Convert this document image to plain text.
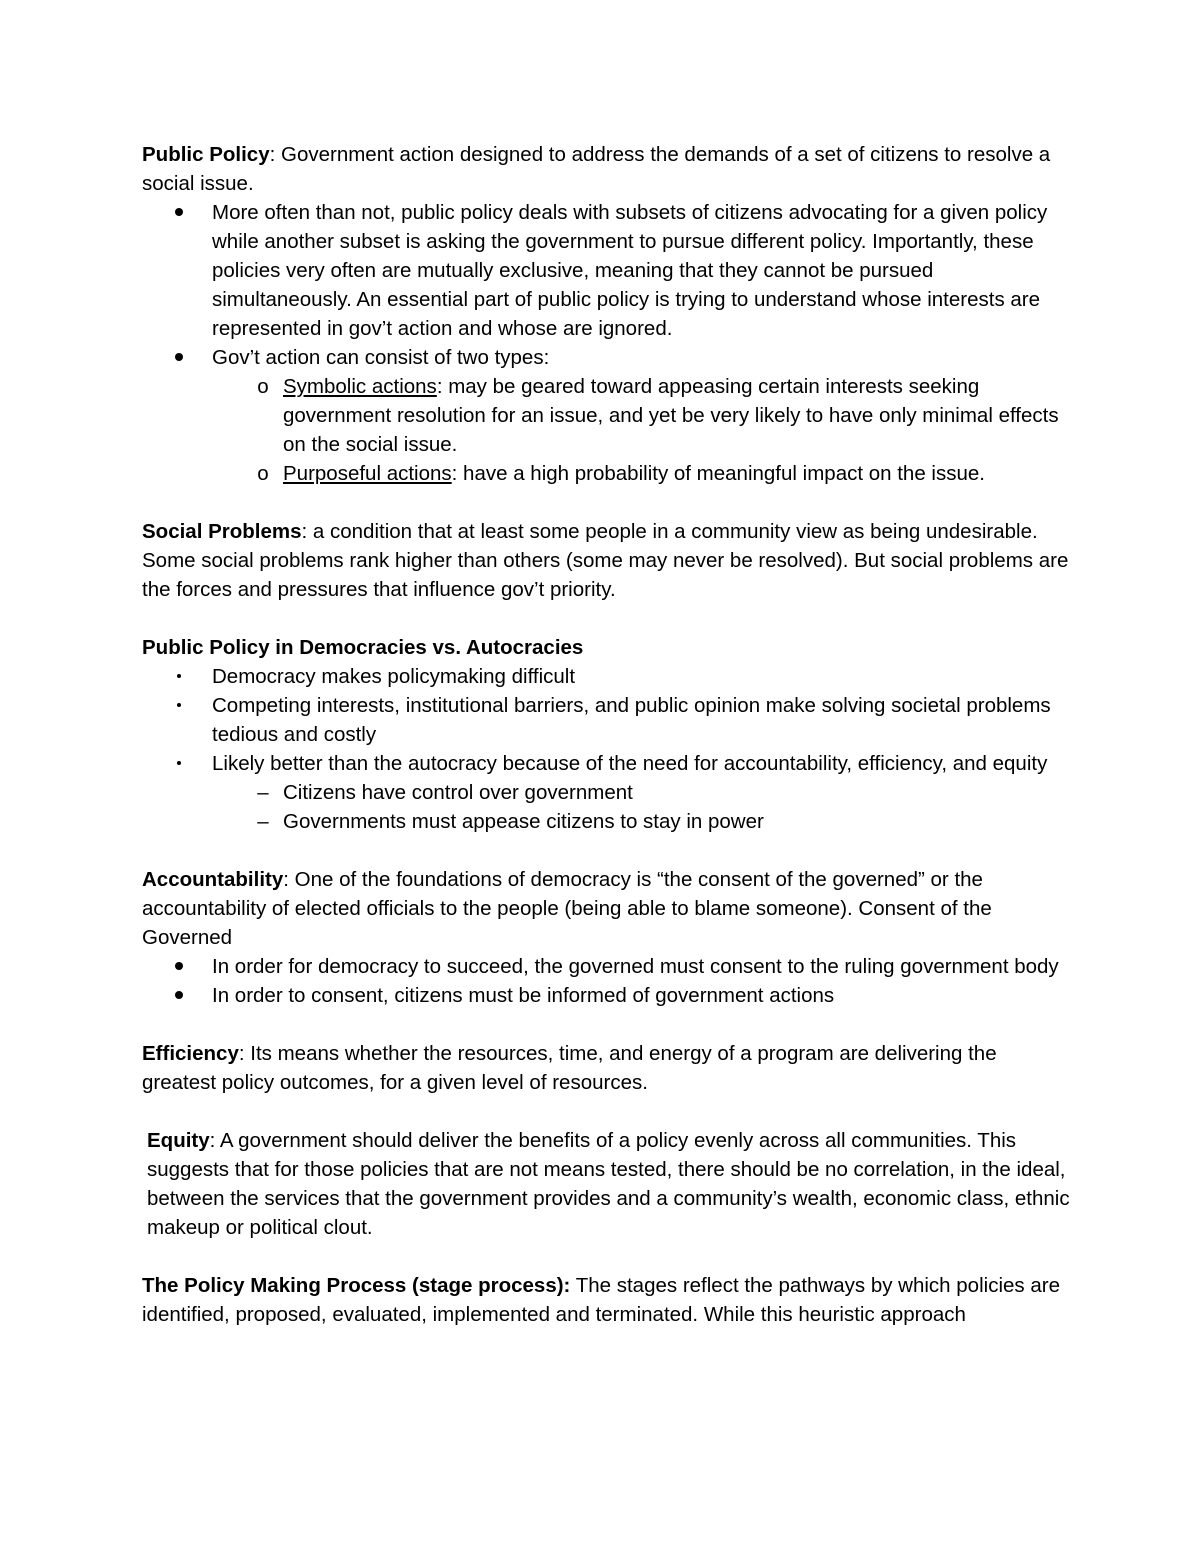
Public Policy: Government action designed to address the demands of a set of citizens to resolve a social issue.

More often than not, public policy deals with subsets of citizens advocating for a given policy while another subset is asking the government to pursue different policy. Importantly, these policies very often are mutually exclusive, meaning that they cannot be pursued simultaneously. An essential part of public policy is trying to understand whose interests are represented in gov’t action and whose are ignored.
Gov’t action can consist of two types:
o Symbolic actions: may be geared toward appeasing certain interests seeking government resolution for an issue, and yet be very likely to have only minimal effects on the social issue.
o Purposeful actions: have a high probability of meaningful impact on the issue.

Social Problems: a condition that at least some people in a community view as being undesirable. Some social problems rank higher than others (some may never be resolved). But social problems are the forces and pressures that influence gov’t priority.

Public Policy in Democracies vs. Autocracies

Democracy makes policymaking difficult
Competing interests, institutional barriers, and public opinion make solving societal problems tedious and costly
Likely better than the autocracy because of the need for accountability, efficiency, and equity
– Citizens have control over government
– Governments must appease citizens to stay in power

Accountability: One of the foundations of democracy is “the consent of the governed” or the accountability of elected officials to the people (being able to blame someone). Consent of the Governed

In order for democracy to succeed, the governed must consent to the ruling government body
In order to consent, citizens must be informed of government actions

Efficiency: Its means whether the resources, time, and energy of a program are delivering the greatest policy outcomes, for a given level of resources.

Equity: A government should deliver the benefits of a policy evenly across all communities. This suggests that for those policies that are not means tested, there should be no correlation, in the ideal, between the services that the government provides and a community’s wealth, economic class, ethnic makeup or political clout.

The Policy Making Process (stage process): The stages reflect the pathways by which policies are identified, proposed, evaluated, implemented and terminated. While this heuristic approach
